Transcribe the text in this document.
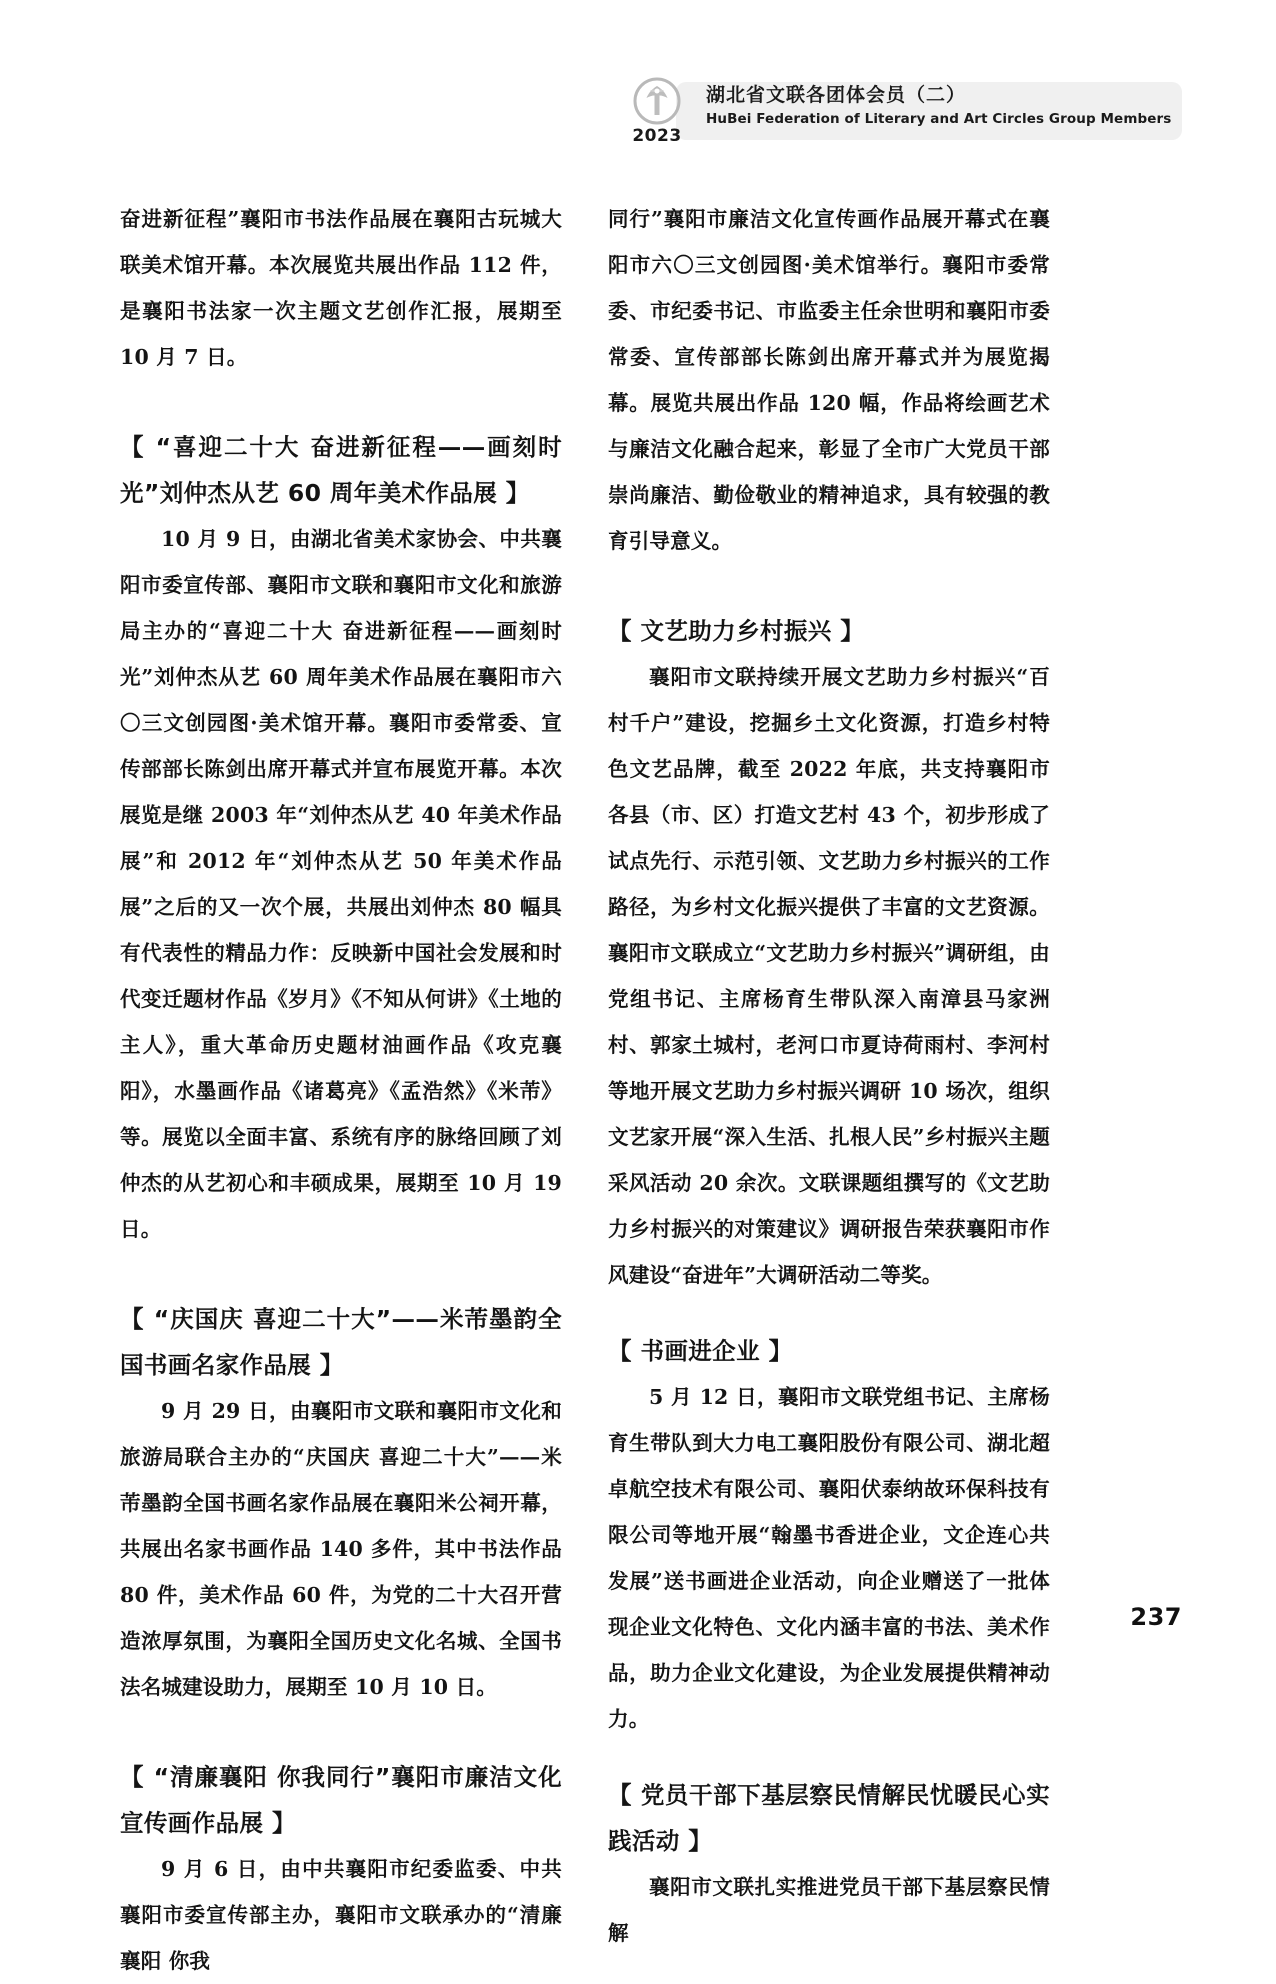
2023
湖北省文联各团体会员（二）
HuBei Federation of Literary and Art Circles Group Members

奋进新征程”襄阳市书法作品展在襄阳古玩城大联美术馆开幕。本次展览共展出作品 112 件，是襄阳书法家一次主题文艺创作汇报，展期至 10 月 7 日。

【 “喜迎二十大 奋进新征程——画刻时光”刘仲杰从艺 60 周年美术作品展 】

10 月 9 日，由湖北省美术家协会、中共襄阳市委宣传部、襄阳市文联和襄阳市文化和旅游局主办的“喜迎二十大 奋进新征程——画刻时光”刘仲杰从艺 60 周年美术作品展在襄阳市六〇三文创园图·美术馆开幕。襄阳市委常委、宣传部部长陈剑出席开幕式并宣布展览开幕。本次展览是继 2003 年“刘仲杰从艺 40 年美术作品展”和 2012 年“刘仲杰从艺 50 年美术作品展”之后的又一次个展，共展出刘仲杰 80 幅具有代表性的精品力作：反映新中国社会发展和时代变迁题材作品《岁月》《不知从何讲》《土地的主人》，重大革命历史题材油画作品《攻克襄阳》，水墨画作品《诸葛亮》《孟浩然》《米芾》等。展览以全面丰富、系统有序的脉络回顾了刘仲杰的从艺初心和丰硕成果，展期至 10 月 19 日。

【 “庆国庆 喜迎二十大”——米芾墨韵全国书画名家作品展 】

9 月 29 日，由襄阳市文联和襄阳市文化和旅游局联合主办的“庆国庆 喜迎二十大”——米芾墨韵全国书画名家作品展在襄阳米公祠开幕，共展出名家书画作品 140 多件，其中书法作品 80 件，美术作品 60 件，为党的二十大召开营造浓厚氛围，为襄阳全国历史文化名城、全国书法名城建设助力，展期至 10 月 10 日。

【 “清廉襄阳 你我同行”襄阳市廉洁文化宣传画作品展 】

9 月 6 日，由中共襄阳市纪委监委、中共襄阳市委宣传部主办，襄阳市文联承办的“清廉襄阳 你我

同行”襄阳市廉洁文化宣传画作品展开幕式在襄阳市六〇三文创园图·美术馆举行。襄阳市委常委、市纪委书记、市监委主任余世明和襄阳市委常委、宣传部部长陈剑出席开幕式并为展览揭幕。展览共展出作品 120 幅，作品将绘画艺术与廉洁文化融合起来，彰显了全市广大党员干部崇尚廉洁、勤俭敬业的精神追求，具有较强的教育引导意义。

【 文艺助力乡村振兴 】

襄阳市文联持续开展文艺助力乡村振兴“百村千户”建设，挖掘乡土文化资源，打造乡村特色文艺品牌，截至 2022 年底，共支持襄阳市各县（市、区）打造文艺村 43 个，初步形成了试点先行、示范引领、文艺助力乡村振兴的工作路径，为乡村文化振兴提供了丰富的文艺资源。襄阳市文联成立“文艺助力乡村振兴”调研组，由党组书记、主席杨育生带队深入南漳县马家洲村、郭家土城村，老河口市夏诗荷雨村、李河村等地开展文艺助力乡村振兴调研 10 场次，组织文艺家开展“深入生活、扎根人民”乡村振兴主题采风活动 20 余次。文联课题组撰写的《文艺助力乡村振兴的对策建议》调研报告荣获襄阳市作风建设“奋进年”大调研活动二等奖。

【 书画进企业 】

5 月 12 日，襄阳市文联党组书记、主席杨育生带队到大力电工襄阳股份有限公司、湖北超卓航空技术有限公司、襄阳伏泰纳故环保科技有限公司等地开展“翰墨书香进企业，文企连心共发展”送书画进企业活动，向企业赠送了一批体现企业文化特色、文化内涵丰富的书法、美术作品，助力企业文化建设，为企业发展提供精神动力。

【 党员干部下基层察民情解民忧暖民心实践活动 】

襄阳市文联扎实推进党员干部下基层察民情解

237
